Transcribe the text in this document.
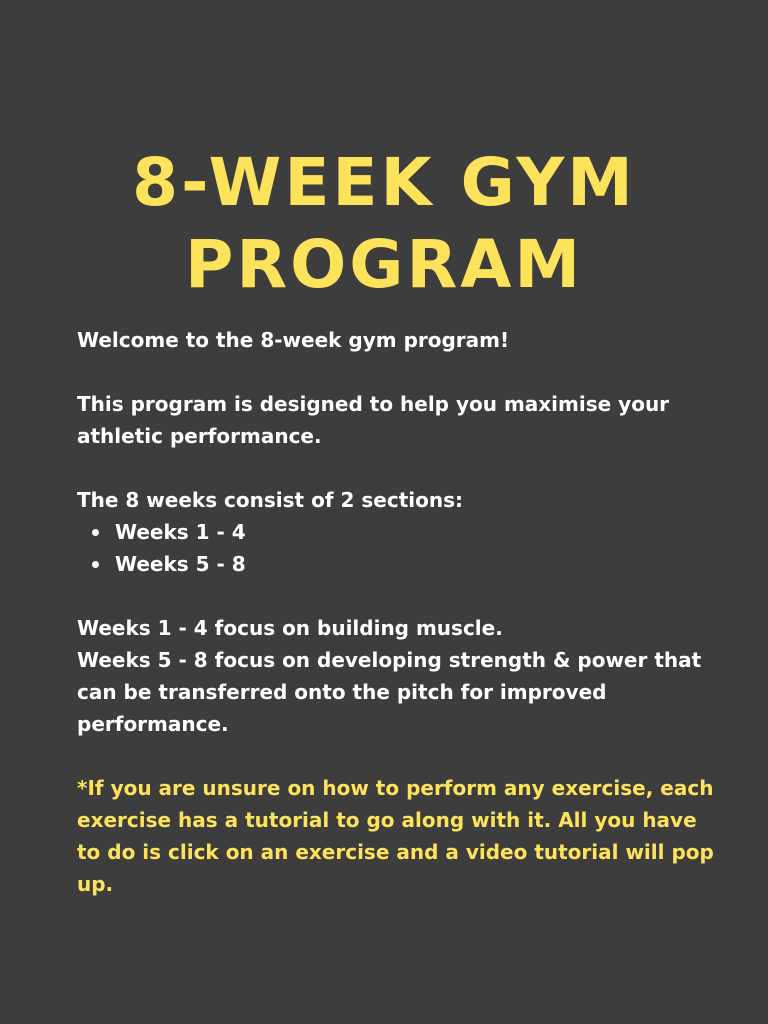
8-WEEK GYM
PROGRAM

Welcome to the 8-week gym program!

This program is designed to help you maximise your athletic performance.

The 8 weeks consist of 2 sections:

Weeks 1 - 4
Weeks 5 - 8

Weeks 1 - 4 focus on building muscle.

Weeks 5 - 8 focus on developing strength & power that can be transferred onto the pitch for improved performance.

*If you are unsure on how to perform any exercise, each exercise has a tutorial to go along with it. All you have to do is click on an exercise and a video tutorial will pop up.
